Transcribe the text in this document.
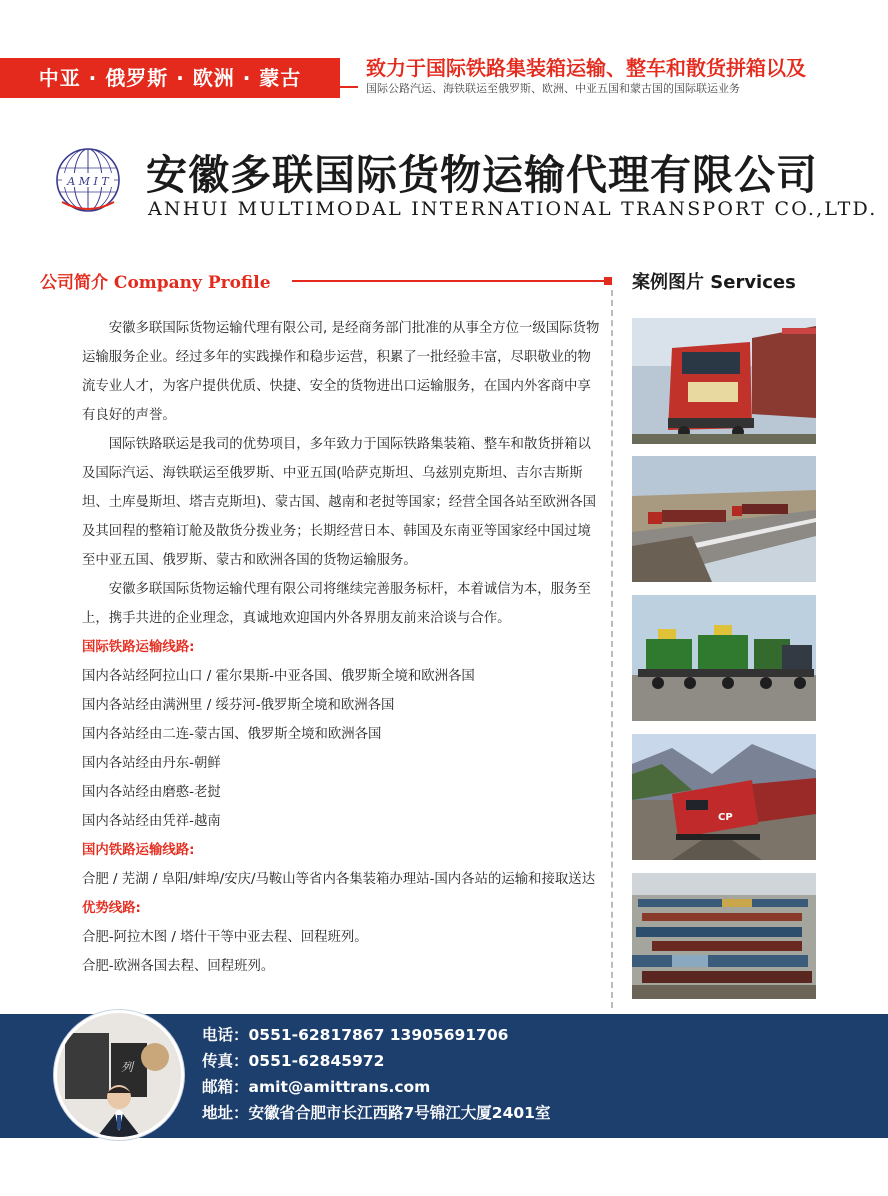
中亚 · 俄罗斯 · 欧洲 · 蒙古	致力于国际铁路集装箱运输、整车和散货拼箱以及
国际公路汽运、海铁联运至俄罗斯、欧洲、中亚五国和蒙古国的国际联运业务
A M I T 安徽多联国际货物运输代理有限公司
ANHUI MULTIMODAL INTERNATIONAL TRANSPORT CO.,LTD.
公司简介 Company Profile	案例图片 Services

安徽多联国际货物运输代理有限公司, 是经商务部门批准的从事全方位一级国际货物运输服务企业。经过多年的实践操作和稳步运营，积累了一批经验丰富，尽职敬业的物流专业人才，为客户提供优质、快捷、安全的货物进出口运输服务，在国内外客商中享有良好的声誉。

国际铁路联运是我司的优势项目，多年致力于国际铁路集装箱、整车和散货拼箱以及国际汽运、海铁联运至俄罗斯、中亚五国(哈萨克斯坦、乌兹别克斯坦、吉尔吉斯斯坦、土库曼斯坦、塔吉克斯坦)、蒙古国、越南和老挝等国家；经营全国各站至欧洲各国及其回程的整箱订舱及散货分拨业务；长期经营日本、韩国及东南亚等国家经中国过境至中亚五国、俄罗斯、蒙古和欧洲各国的货物运输服务。

安徽多联国际货物运输代理有限公司将继续完善服务标杆，本着诚信为本，服务至上，携手共进的企业理念，真诚地欢迎国内外各界朋友前来洽谈与合作。

国际铁路运输线路:

国内各站经阿拉山口 / 霍尔果斯-中亚各国、俄罗斯全境和欧洲各国

国内各站经由满洲里 / 绥芬河-俄罗斯全境和欧洲各国

国内各站经由二连-蒙古国、俄罗斯全境和欧洲各国

国内各站经由丹东-朝鲜

国内各站经由磨憨-老挝

国内各站经由凭祥-越南

国内铁路运输线路:

合肥 / 芜湖 / 阜阳/蚌埠/安庆/马鞍山等省内各集装箱办理站-国内各站的运输和接取送达

优势线路:

合肥-阿拉木图 / 塔什干等中亚去程、回程班列。

合肥-欧洲各国去程、回程班列。

CP
列
电话：0551-62817867 13905691706
传真：0551-62845972
邮箱：amit@amittrans.com
地址：安徽省合肥市长江西路7号锦江大厦2401室
